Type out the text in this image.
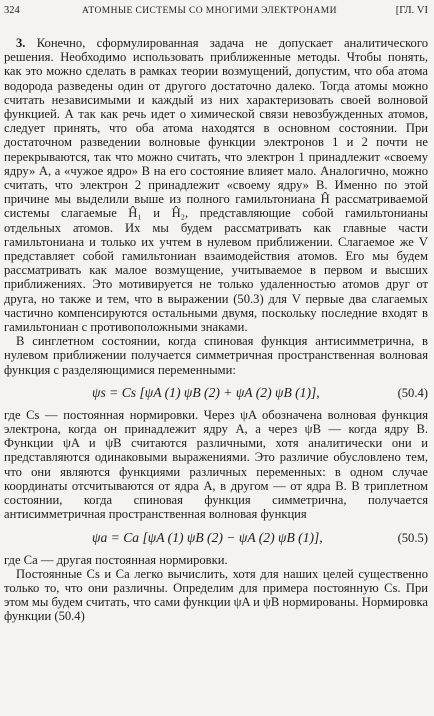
324	АТОМНЫЕ СИСТЕМЫ СО МНОГИМИ ЭЛЕКТРОНАМИ	[ГЛ. VI

3. Конечно, сформулированная задача не допускает аналитического решения. Необходимо использовать приближенные методы. Чтобы понять, как это можно сделать в рамках теории возмущений, допустим, что оба атома водорода разведены один от другого достаточно далеко. Тогда атомы можно считать независимыми и каждый из них характеризовать своей волновой функцией. А так как речь идет о химической связи невозбужденных атомов, следует принять, что оба атома находятся в основном состоянии. При достаточном разведении волновые функции электронов 1 и 2 почти не перекрываются, так что можно считать, что электрон 1 принадлежит «своему ядру» A, а «чужое ядро» B на его состояние влияет мало. Аналогично, можно считать, что электрон 2 принадлежит «своему ядру» B. Именно по этой причине мы выделили выше из полного гамильтониана Ĥ рассматриваемой системы слагаемые Ĥ₁ и Ĥ₂, представляющие собой гамильтонианы отдельных атомов. Их мы будем рассматривать как главные части гамильтониана и только их учтем в нулевом приближении. Слагаемое же V представляет собой гамильтониан взаимодействия атомов. Его мы будем рассматривать как малое возмущение, учитываемое в первом и высших приближениях. Это мотивируется не только удаленностью атомов друг от друга, но также и тем, что в выражении (50.3) для V первые два слагаемых частично компенсируются остальными двумя, поскольку последние входят в гамильтониан с противоположными знаками.

В синглетном состоянии, когда спиновая функция антисимметрична, в нулевом приближении получается симметричная пространственная волновая функция с разделяющимися переменными:

ψs = Cs [ψA (1) ψB (2) + ψA (2) ψB (1)],	(50.4)

где Cs — постоянная нормировки. Через ψA обозначена волновая функция электрона, когда он принадлежит ядру A, а через ψB — когда ядру B. Функции ψA и ψB считаются различными, хотя аналитически они и представляются одинаковыми выражениями. Это различие обусловлено тем, что они являются функциями различных переменных: в одном случае координаты отсчитываются от ядра A, в другом — от ядра B. В триплетном состоянии, когда спиновая функция симметрична, получается антисимметричная пространственная волновая функция

ψa = Ca [ψA (1) ψB (2) − ψA (2) ψB (1)],	(50.5)

где Ca — другая постоянная нормировки.

Постоянные Cs и Ca легко вычислить, хотя для наших целей существенно только то, что они различны. Определим для примера постоянную Cs. При этом мы будем считать, что сами функции ψA и ψB нормированы. Нормировка функции (50.4)
